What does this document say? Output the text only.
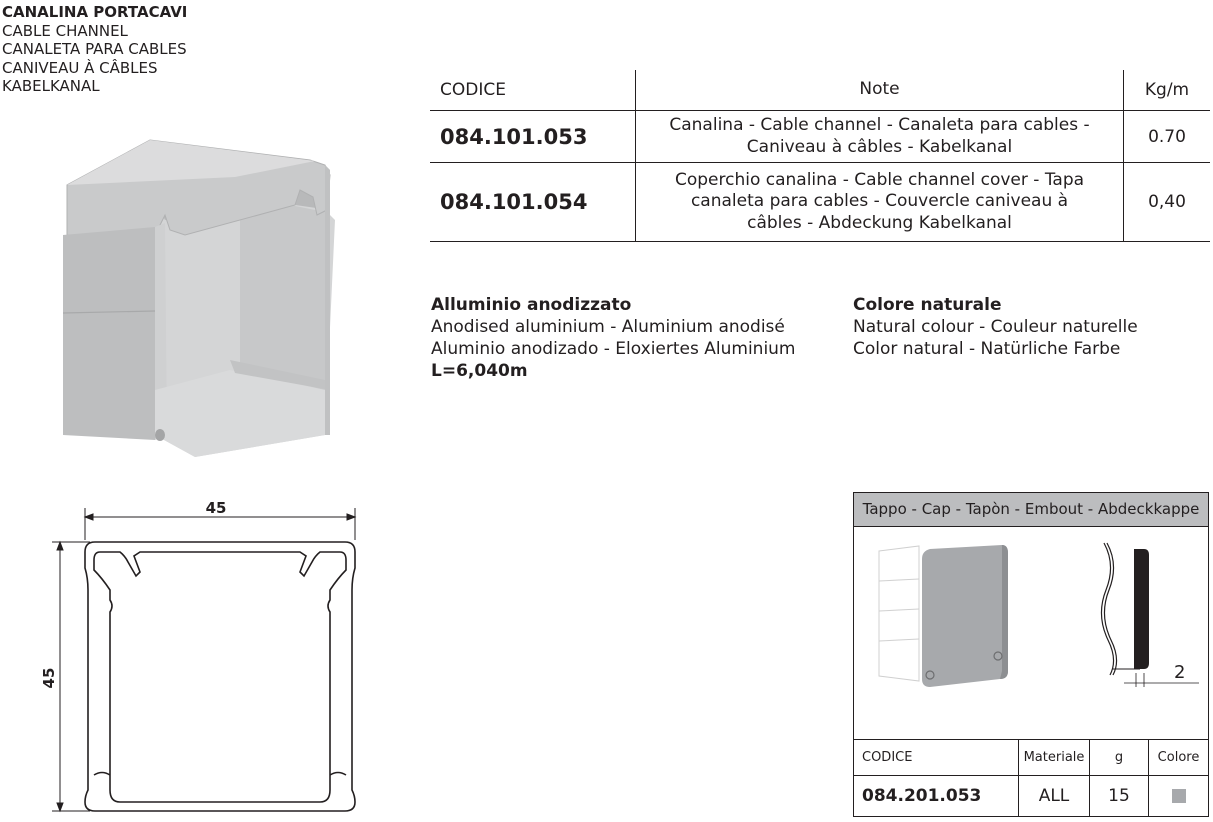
CANALINA PORTACAVI
CABLE CHANNEL
CANALETA PARA CABLES
CANIVEAU À CÂBLES
KABELKANAL
45
45
CODICE	Note	Kg/m
084.101.053	Canalina - Cable channel - Canaleta para cables -
Caniveau à câbles - Kabelkanal	0.70
084.101.054	Coperchio canalina - Cable channel cover - Tapa
canaleta para cables - Couvercle caniveau à
câbles - Abdeckung Kabelkanal	0,40
Alluminio anodizzato
Anodised aluminium - Aluminium anodisé
Aluminio anodizado - Eloxiertes Aluminium
L=6,040m
Colore naturale
Natural colour - Couleur naturelle
Color natural - Natürliche Farbe
Tappo - Cap - Tapòn - Embout - Abdeckkappe
2
CODICE	Materiale	g	Colore
084.201.053	ALL	15	
